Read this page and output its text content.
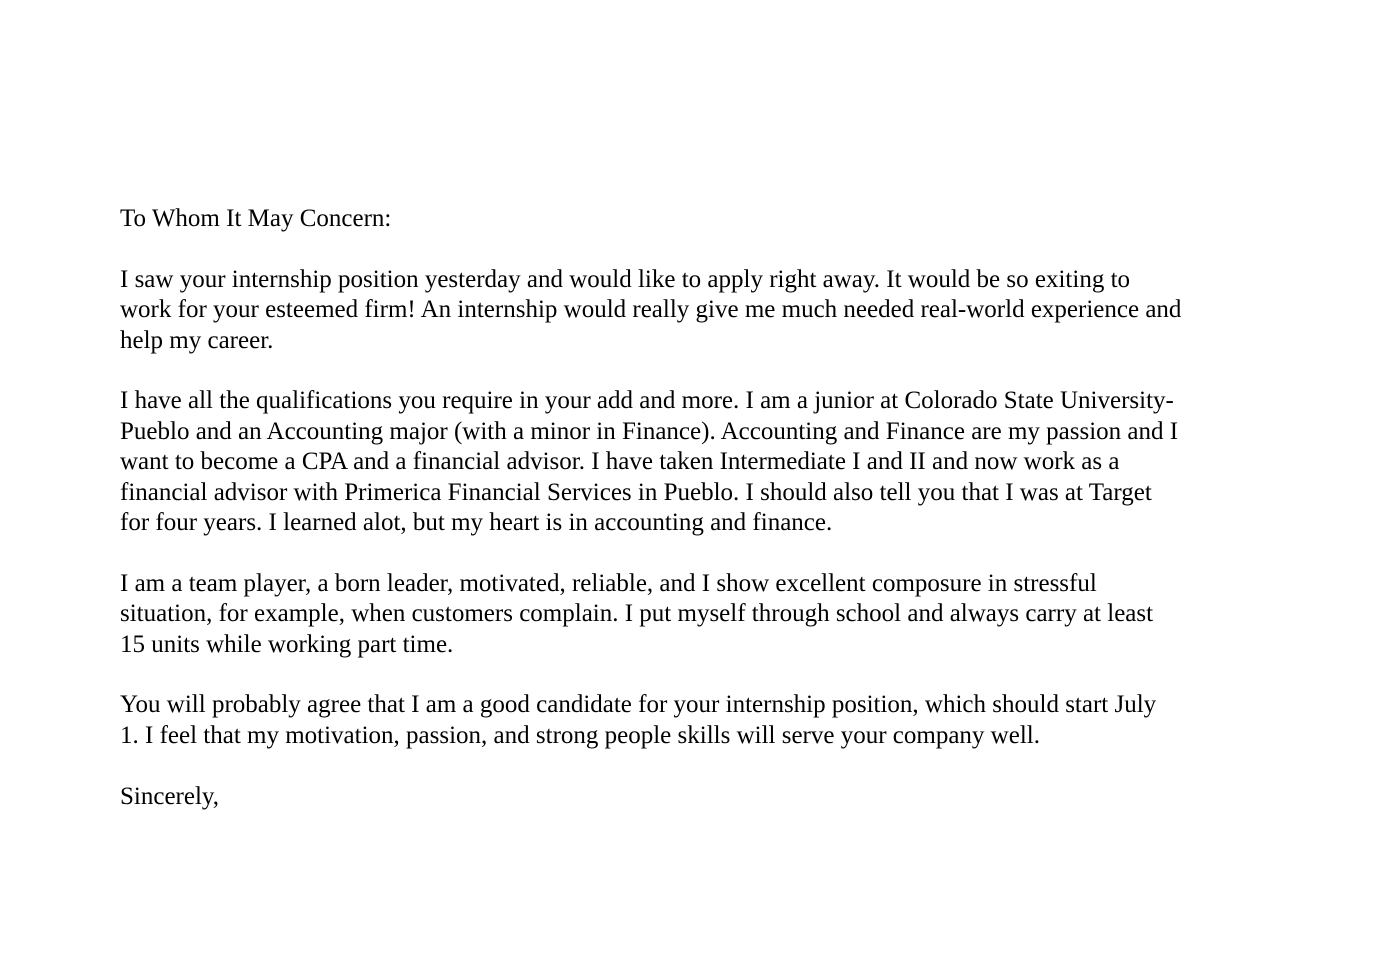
To Whom It May Concern:

I saw your internship position yesterday and would like to apply right away. It would be so exiting to
work for your esteemed firm! An internship would really give me much needed real-world experience and
help my career.

I have all the qualifications you require in your add and more. I am a junior at Colorado State University-
Pueblo and an Accounting major (with a minor in Finance). Accounting and Finance are my passion and I
want to become a CPA and a financial advisor. I have taken Intermediate I and II and now work as a
financial advisor with Primerica Financial Services in Pueblo. I should also tell you that I was at Target
for four years. I learned alot, but my heart is in accounting and finance.

I am a team player, a born leader, motivated, reliable, and I show excellent composure in stressful
situation, for example, when customers complain. I put myself through school and always carry at least
15 units while working part time.

You will probably agree that I am a good candidate for your internship position, which should start July
1. I feel that my motivation, passion, and strong people skills will serve your company well.

Sincerely,
